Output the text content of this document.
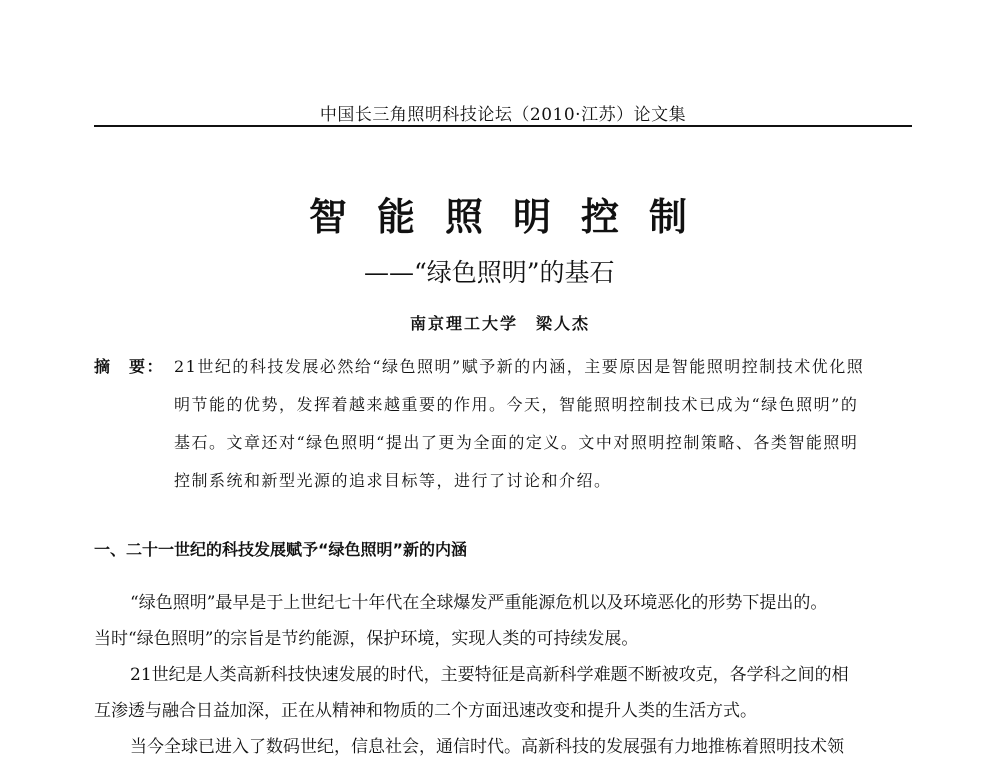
中国长三角照明科技论坛（2010·江苏）论文集
智能照明控制
——“绿色照明”的基石
南京理工大学 梁人杰
摘　要： 21世纪的科技发展必然给“绿色照明”赋予新的内涵，主要原因是智能照明控制技术优化照
明节能的优势，发挥着越来越重要的作用。今天，智能照明控制技术已成为“绿色照明”的
基石。文章还对“绿色照明“提出了更为全面的定义。文中对照明控制策略、各类智能照明
控制系统和新型光源的追求目标等，进行了讨论和介绍。
一、二十一世纪的科技发展赋予“绿色照明”新的内涵
“绿色照明”最早是于上世纪七十年代在全球爆发严重能源危机以及环境恶化的形势下提出的。
当时“绿色照明”的宗旨是节约能源，保护环境，实现人类的可持续发展。
21世纪是人类高新科技快速发展的时代，主要特征是高新科学难题不断被攻克，各学科之间的相
互渗透与融合日益加深，正在从精神和物质的二个方面迅速改变和提升人类的生活方式。
当今全球已进入了数码世纪，信息社会，通信时代。高新科技的发展强有力地推栋着照明技术领
